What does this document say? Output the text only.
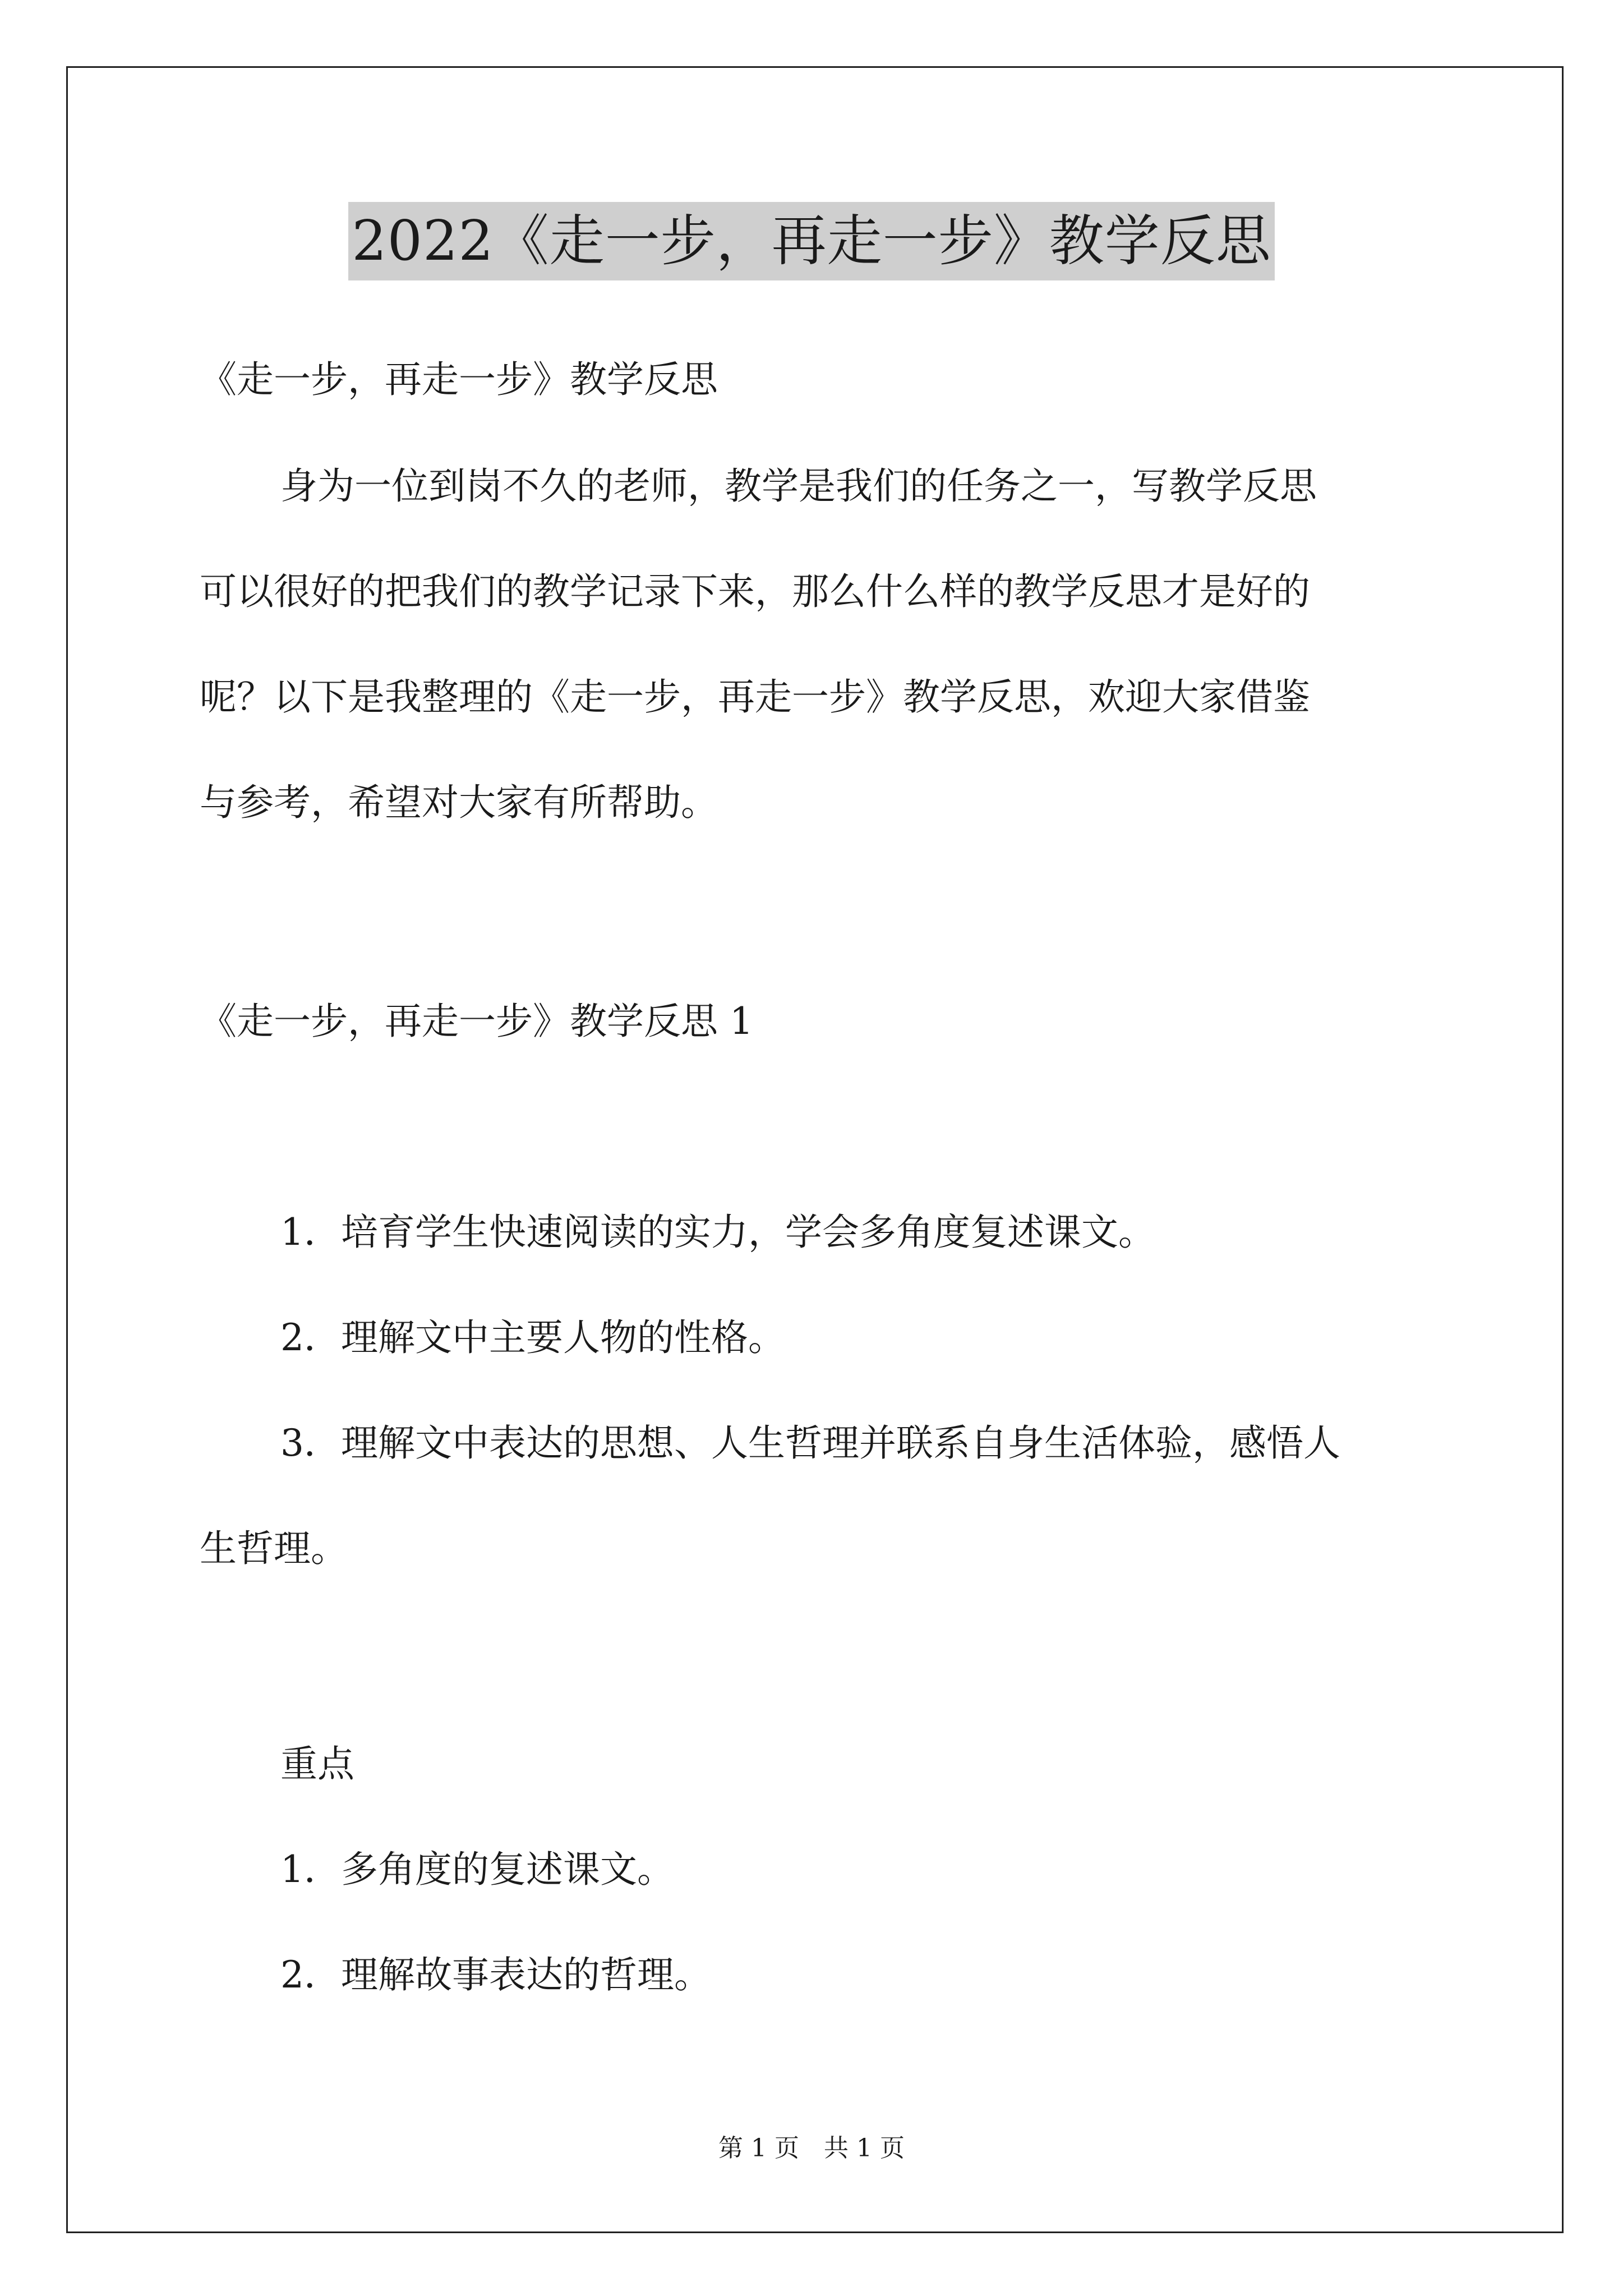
2022《走一步，再走一步》教学反思
《走一步，再走一步》教学反思
身为一位到岗不久的老师，教学是我们的任务之一，写教学反思
可以很好的把我们的教学记录下来，那么什么样的教学反思才是好的
呢？以下是我整理的《走一步，再走一步》教学反思，欢迎大家借鉴
与参考，希望对大家有所帮助。
《走一步，再走一步》教学反思 1
1．培育学生快速阅读的实力，学会多角度复述课文。
2．理解文中主要人物的性格。
3．理解文中表达的思想、人生哲理并联系自身生活体验，感悟人
生哲理。
重点
1．多角度的复述课文。
2．理解故事表达的哲理。
第 1 页　共 1 页
